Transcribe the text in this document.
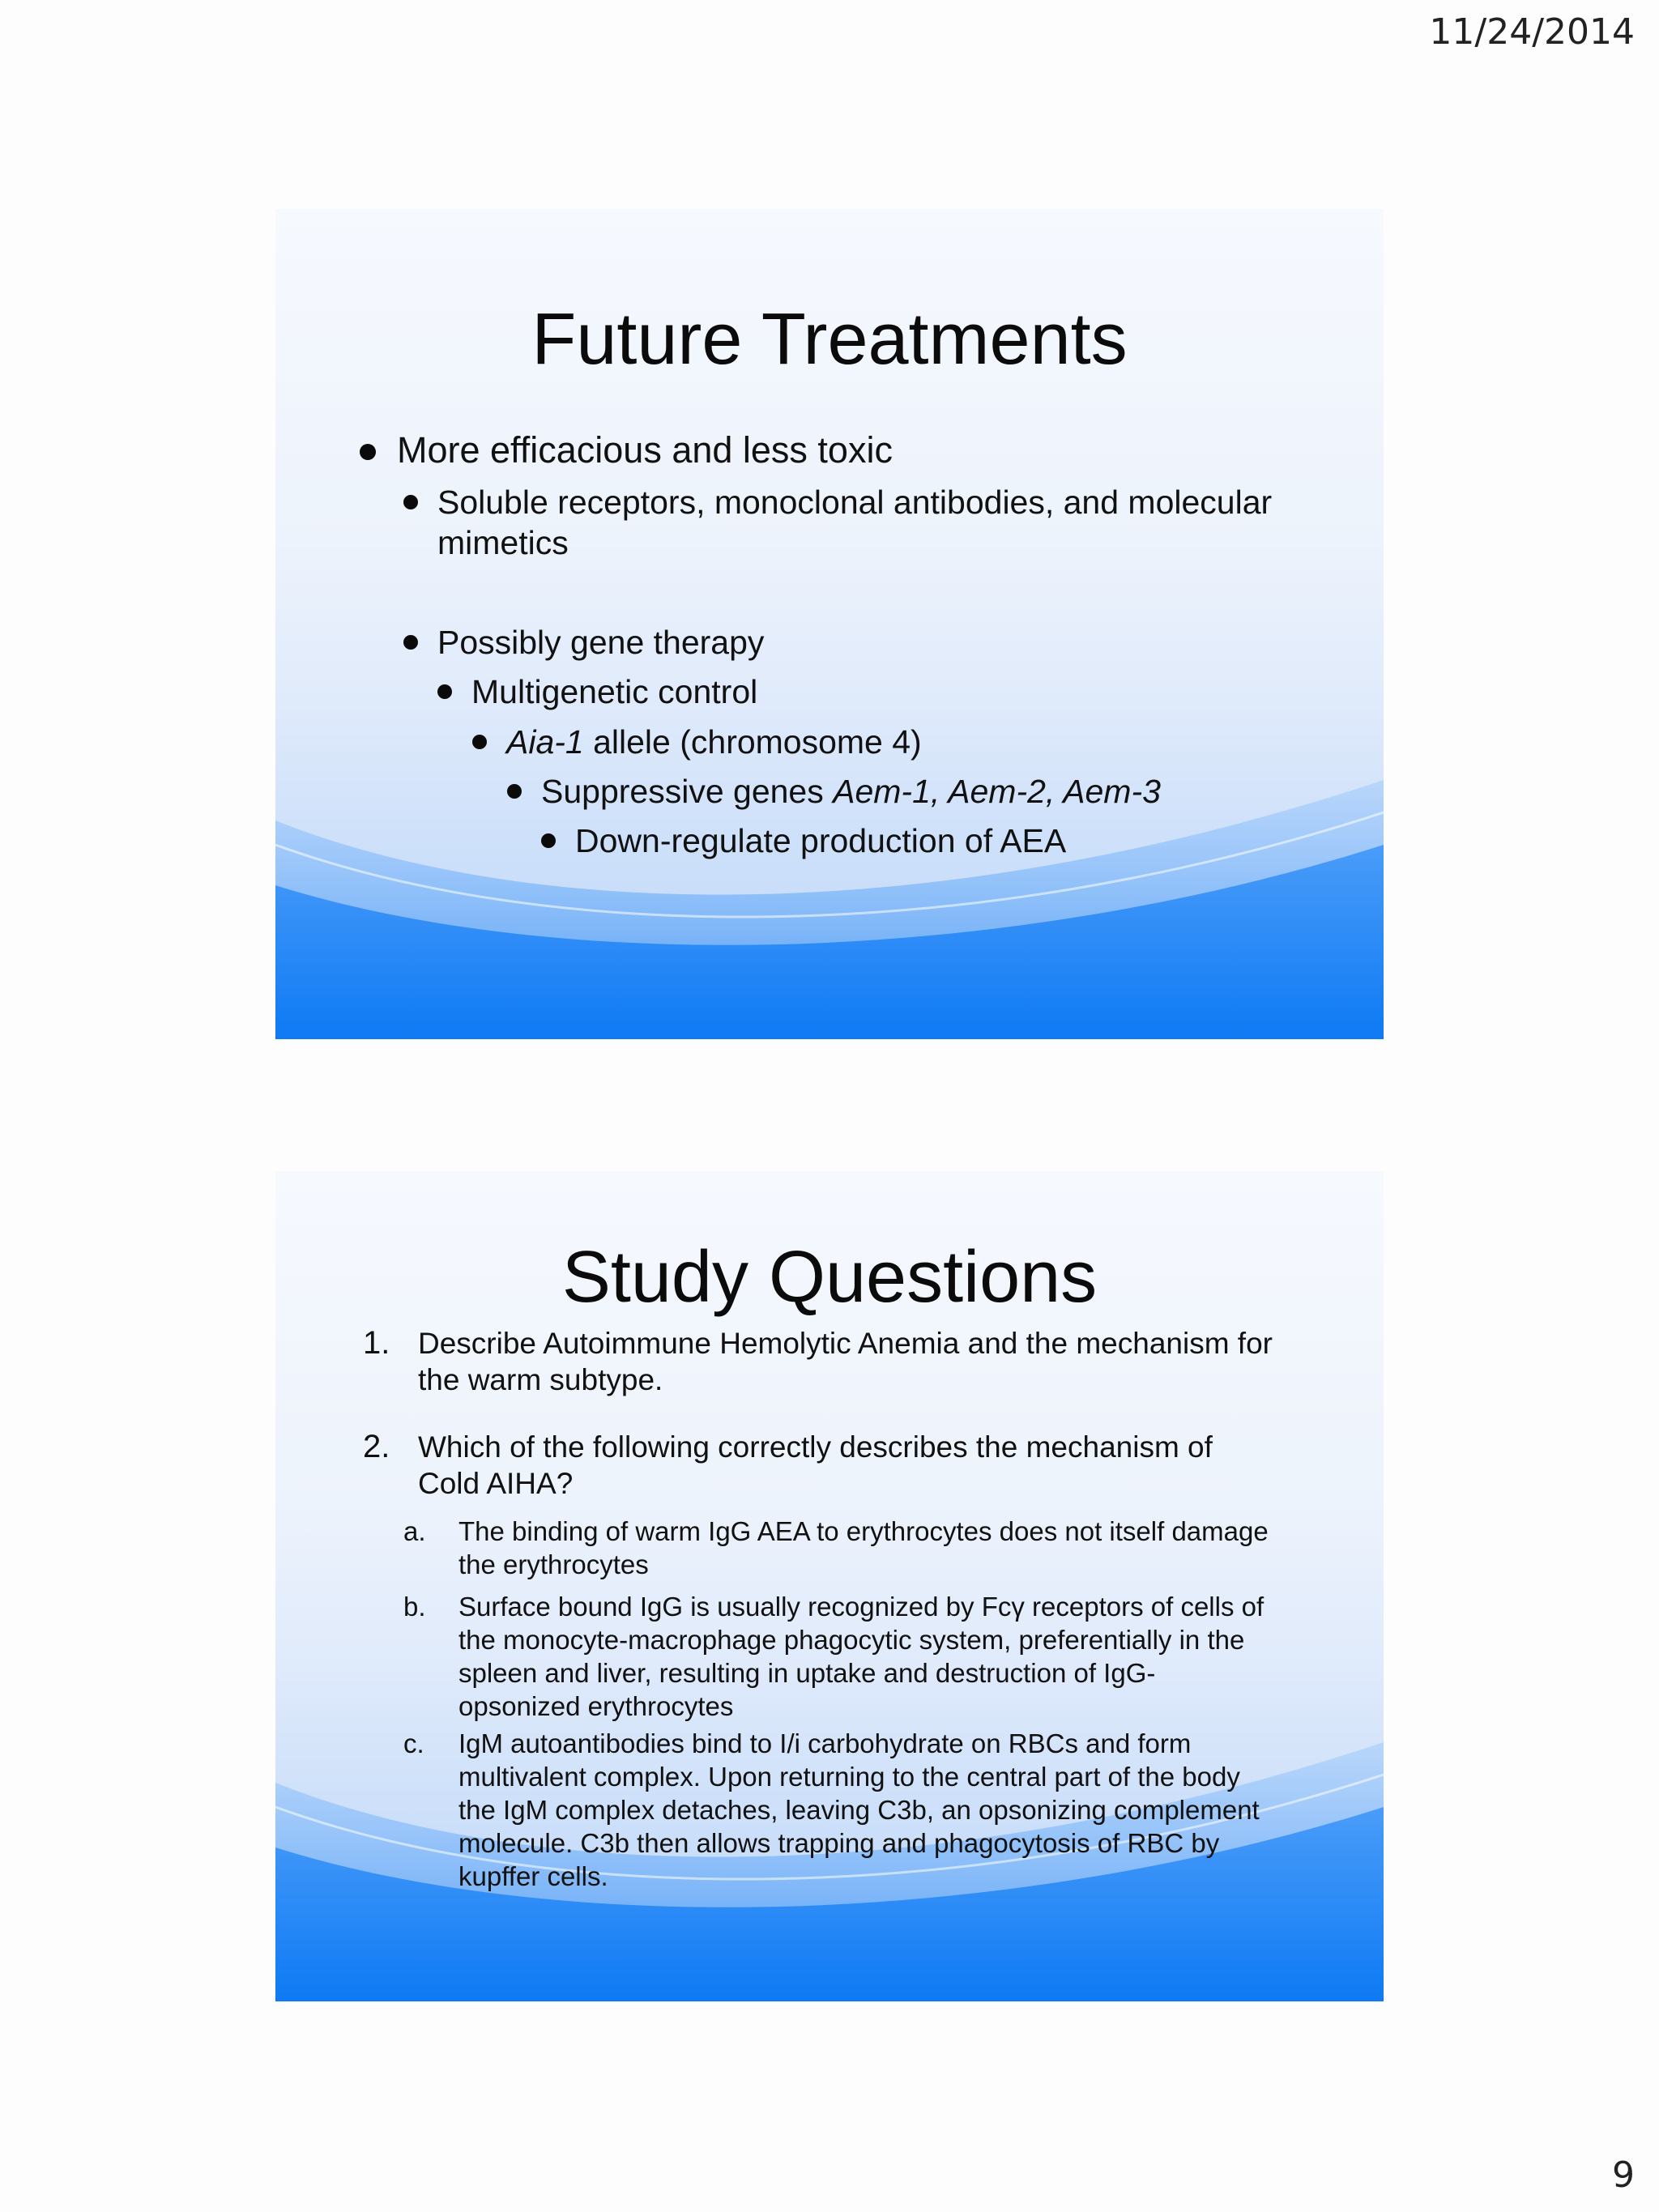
11/24/2014
Future Treatments
More efficacious and less toxic
Soluble receptors, monoclonal antibodies, and molecular
mimetics
Possibly gene therapy
Multigenetic control
Aia-1 allele (chromosome 4)
Suppressive genes Aem-1, Aem-2, Aem-3
Down-regulate production of AEA
Study Questions
1. Describe Autoimmune Hemolytic Anemia and the mechanism for
the warm subtype.
2. Which of the following correctly describes the mechanism of
Cold AIHA?
a. The binding of warm IgG AEA to erythrocytes does not itself damage
the erythrocytes
b. Surface bound IgG is usually recognized by Fcγ receptors of cells of
the monocyte-macrophage phagocytic system, preferentially in the
spleen and liver, resulting in uptake and destruction of IgG-
opsonized erythrocytes
c. IgM autoantibodies bind to I/i carbohydrate on RBCs and form
multivalent complex. Upon returning to the central part of the body
the IgM complex detaches, leaving C3b, an opsonizing complement
molecule. C3b then allows trapping and phagocytosis of RBC by
kupffer cells.
9
